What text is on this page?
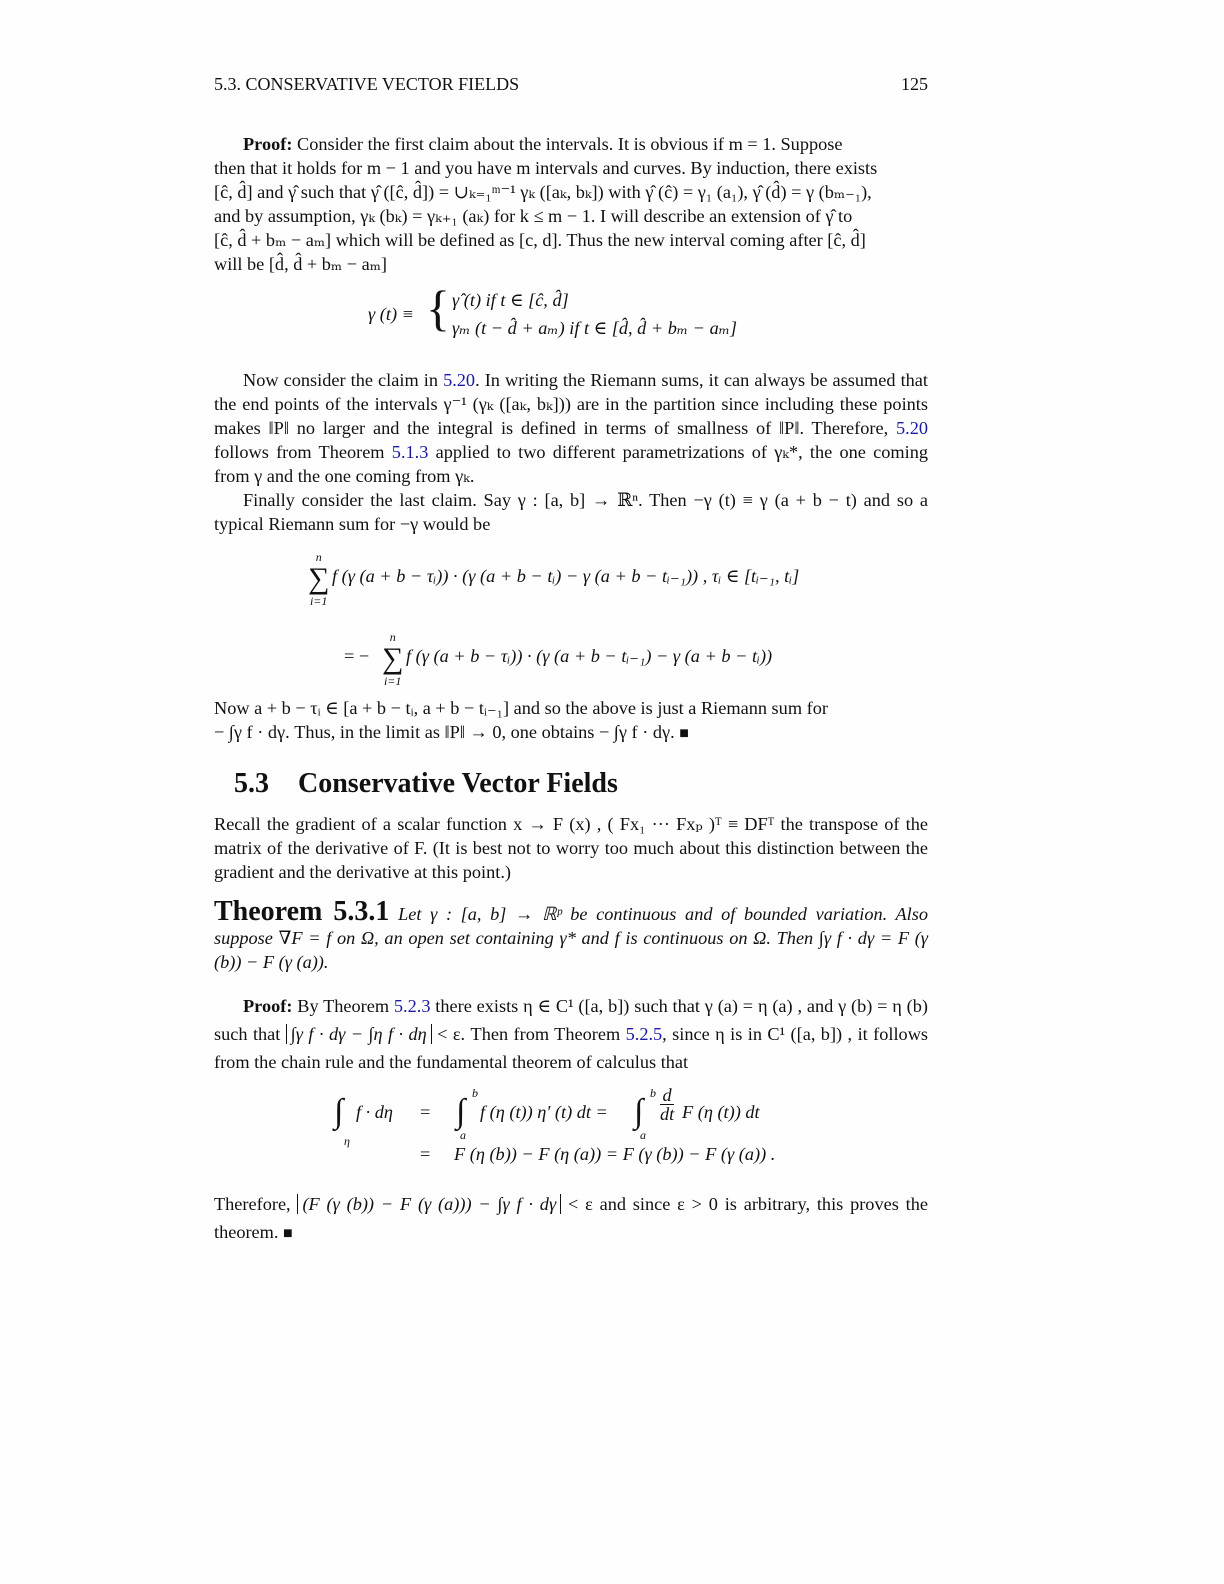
5.3. CONSERVATIVE VECTOR FIELDS	125

Proof: Consider the first claim about the intervals. It is obvious if m = 1. Suppose

then that it holds for m − 1 and you have m intervals and curves. By induction, there exists

[ĉ, d̂] and γ̂ such that γ̂ ([ĉ, d̂]) = ∪ₖ₌₁ᵐ⁻¹ γₖ ([aₖ, bₖ]) with γ̂ (ĉ) = γ₁ (a₁), γ̂ (d̂) = γ (bₘ₋₁),

and by assumption, γₖ (bₖ) = γₖ₊₁ (aₖ) for k ≤ m − 1. I will describe an extension of γ̂ to

[ĉ, d̂ + bₘ − aₘ] which will be defined as [c, d]. Thus the new interval coming after [ĉ, d̂]

will be [d̂, d̂ + bₘ − aₘ]

γ (t) ≡ { γ̂ (t) if t ∈ [ĉ, d̂]
γₘ (t − d̂ + aₘ) if t ∈ [d̂, d̂ + bₘ − aₘ]

Now consider the claim in 5.20. In writing the Riemann sums, it can always be assumed that the end points of the intervals γ⁻¹ (γₖ ([aₖ, bₖ])) are in the partition since including these points makes ‖P‖ no larger and the integral is defined in terms of smallness of ‖P‖. Therefore, 5.20 follows from Theorem 5.1.3 applied to two different parametrizations of γₖ*, the one coming from γ and the one coming from γₖ.

Finally consider the last claim. Say γ : [a, b] → ℝⁿ. Then −γ (t) ≡ γ (a + b − t) and so a typical Riemann sum for −γ would be

n
∑
i=1
f (γ (a + b − τᵢ)) · (γ (a + b − tᵢ) − γ (a + b − tᵢ₋₁)) , τᵢ ∈ [tᵢ₋₁, tᵢ]
= −
n
∑
i=1
f (γ (a + b − τᵢ)) · (γ (a + b − tᵢ₋₁) − γ (a + b − tᵢ))

Now a + b − τᵢ ∈ [a + b − tᵢ, a + b − tᵢ₋₁] and so the above is just a Riemann sum for

− ∫γ f · dγ. Thus, in the limit as ‖P‖ → 0, one obtains − ∫γ f · dγ. ■

5.3 Conservative Vector Fields

Recall the gradient of a scalar function x → F (x) , ( Fx₁ ··· Fxₚ )ᵀ ≡ DFᵀ the transpose of the matrix of the derivative of F. (It is best not to worry too much about this distinction between the gradient and the derivative at this point.)

Theorem 5.3.1 Let γ : [a, b] → ℝᵖ be continuous and of bounded variation. Also suppose ∇F = f on Ω, an open set containing γ* and f is continuous on Ω. Then ∫γ f · dγ = F (γ (b)) − F (γ (a)).

Proof: By Theorem 5.2.3 there exists η ∈ C¹ ([a, b]) such that γ (a) = η (a) , and γ (b) = η (b) such that ∫γ f · dγ − ∫η f · dη < ε. Then from Theorem 5.2.5, since η is in C¹ ([a, b]) , it follows from the chain rule and the fundamental theorem of calculus that

∫
η
f · dη = ∫ b
a
f (η (t)) η′ (t) dt = ∫ b
a
$\frac{d}{dt}$ F (η (t)) dt
= F (η (b)) − F (η (a)) = F (γ (b)) − F (γ (a)) .

Therefore, (F (γ (b)) − F (γ (a))) − ∫γ f · dγ < ε and since ε > 0 is arbitrary, this proves the theorem. ■
